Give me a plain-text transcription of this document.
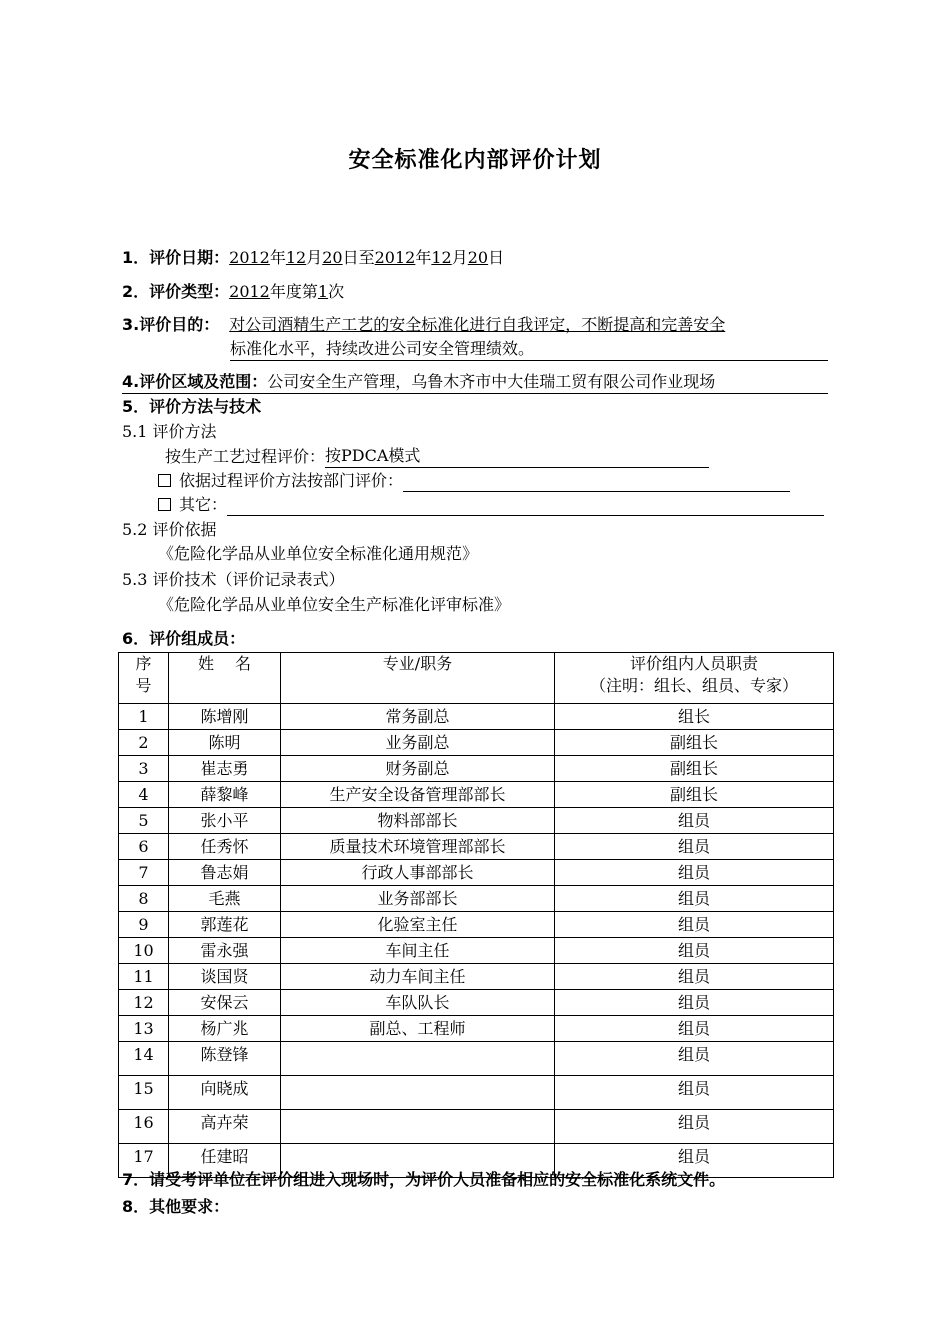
安全标准化内部评价计划
1．评价日期：2012年12月20日至2012年12月20日
2．评价类型：2012年度第1次
3.评价目的： 对公司酒精生产工艺的安全标准化进行自我评定，不断提高和完善安全
标准化水平，持续改进公司安全管理绩效。
4.评价区域及范围：公司安全生产管理，乌鲁木齐市中大佳瑞工贸有限公司作业现场
5．评价方法与技术
5.1 评价方法
按生产工艺过程评价：按PDCA模式
依据过程评价方法按部门评价：
其它：
5.2 评价依据
《危险化学品从业单位安全标准化通用规范》
5.3 评价技术（评价记录表式）
《危险化学品从业单位安全生产标准化评审标准》
6．评价组成员：
序
号	姓　 名	专业/职务	评价组内人员职责
（注明：组长、组员、专家）
1	陈增刚	常务副总	组长
2	陈明	业务副总	副组长
3	崔志勇	财务副总	副组长
4	薛黎峰	生产安全设备管理部部长	副组长
5	张小平	物料部部长	组员
6	任秀怀	质量技术环境管理部部长	组员
7	鲁志娟	行政人事部部长	组员
8	毛燕	业务部部长	组员
9	郭莲花	化验室主任	组员
10	雷永强	车间主任	组员
11	谈国贤	动力车间主任	组员
12	安保云	车队队长	组员
13	杨广兆	副总、工程师	组员
14	陈登锋		组员
15	向晓成		组员
16	高卉荣		组员
17	任建昭		组员
7．请受考评单位在评价组进入现场时，为评价人员准备相应的安全标准化系统文件。
8．其他要求：
